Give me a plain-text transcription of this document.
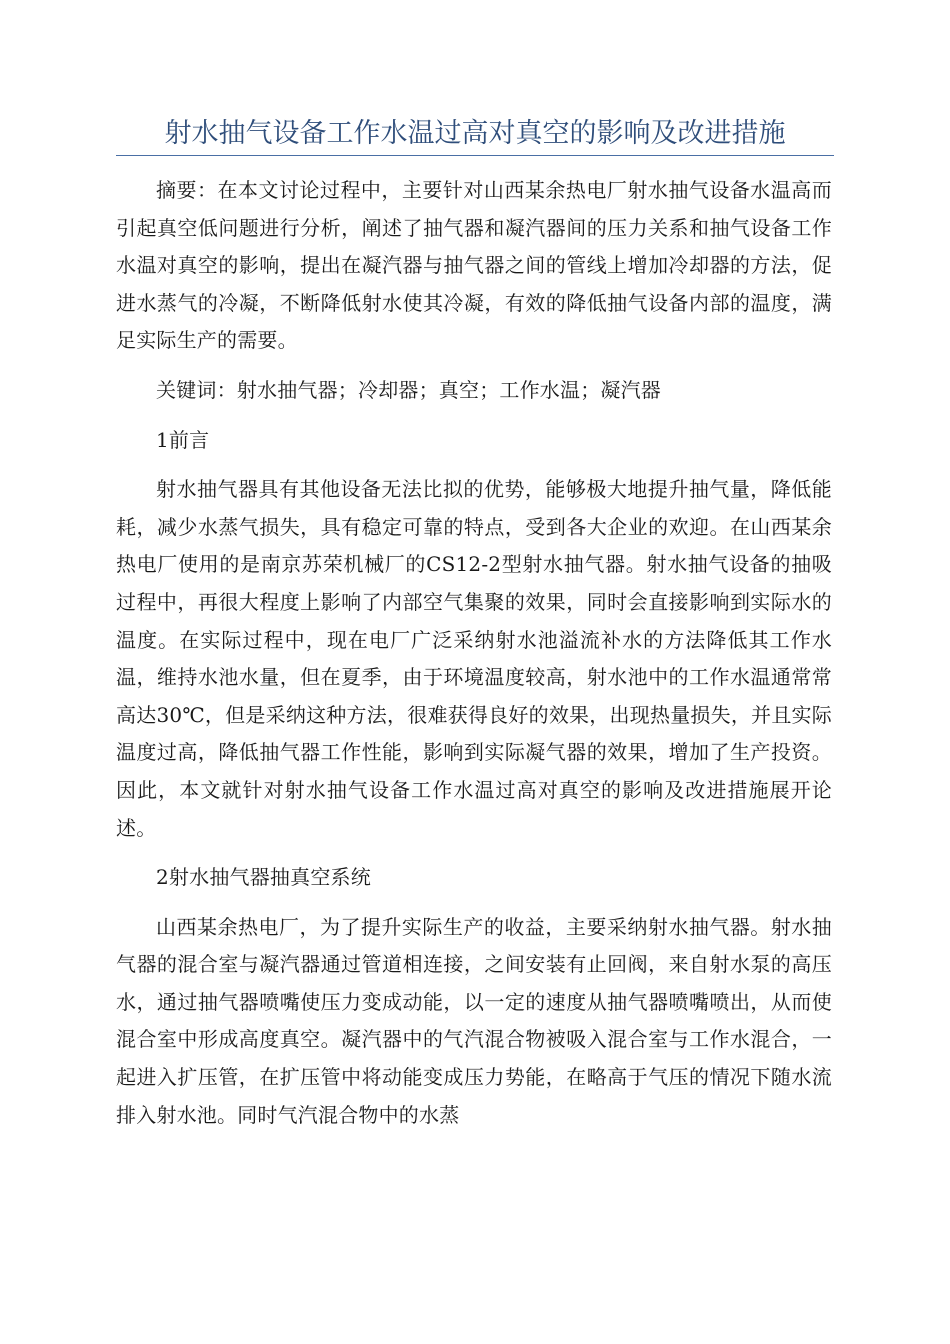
射水抽气设备工作水温过高对真空的影响及改进措施

摘要：在本文讨论过程中，主要针对山西某余热电厂射水抽气设备水温高而引起真空低问题进行分析，阐述了抽气器和凝汽器间的压力关系和抽气设备工作水温对真空的影响，提出在凝汽器与抽气器之间的管线上增加冷却器的方法，促进水蒸气的冷凝，不断降低射水使其冷凝，有效的降低抽气设备内部的温度，满足实际生产的需要。

关键词：射水抽气器；冷却器；真空；工作水温；凝汽器

1前言

射水抽气器具有其他设备无法比拟的优势，能够极大地提升抽气量，降低能耗，减少水蒸气损失，具有稳定可靠的特点，受到各大企业的欢迎。在山西某余热电厂使用的是南京苏荣机械厂的CS12-2型射水抽气器。射水抽气设备的抽吸过程中，再很大程度上影响了内部空气集聚的效果，同时会直接影响到实际水的温度。在实际过程中，现在电厂广泛采纳射水池溢流补水的方法降低其工作水温，维持水池水量，但在夏季，由于环境温度较高，射水池中的工作水温通常常高达30℃，但是采纳这种方法，很难获得良好的效果，出现热量损失，并且实际温度过高，降低抽气器工作性能，影响到实际凝气器的效果，增加了生产投资。因此，本文就针对射水抽气设备工作水温过高对真空的影响及改进措施展开论述。

2射水抽气器抽真空系统

山西某余热电厂，为了提升实际生产的收益，主要采纳射水抽气器。射水抽气器的混合室与凝汽器通过管道相连接，之间安装有止回阀，来自射水泵的高压水，通过抽气器喷嘴使压力变成动能，以一定的速度从抽气器喷嘴喷出，从而使混合室中形成高度真空。凝汽器中的气汽混合物被吸入混合室与工作水混合，一起进入扩压管，在扩压管中将动能变成压力势能，在略高于气压的情况下随水流排入射水池。同时气汽混合物中的水蒸
